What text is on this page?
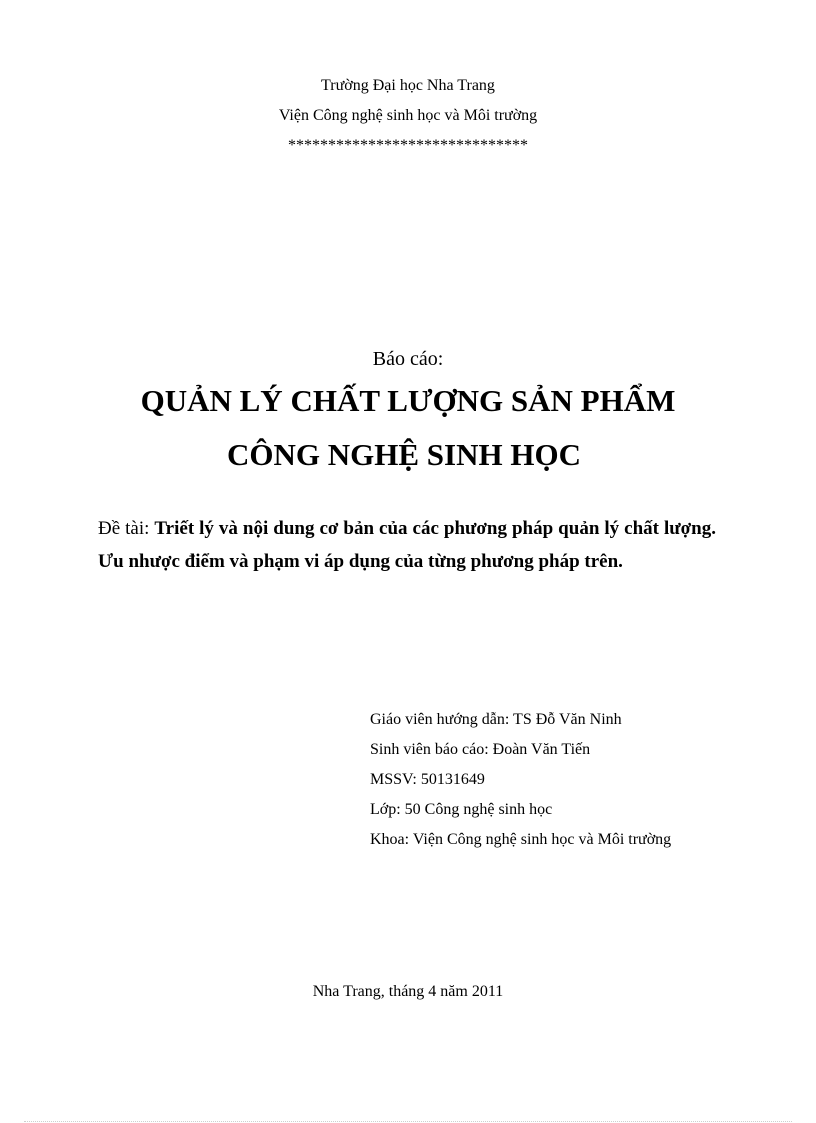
Trường Đại học Nha Trang
Viện Công nghệ sinh học và Môi trường
******************************
Báo cáo:
QUẢN LÝ CHẤT LƯỢNG SẢN PHẨM
CÔNG NGHỆ SINH HỌC
Đề tài: Triết lý và nội dung cơ bản của các phương pháp quản lý chất lượng. Ưu nhược điểm và phạm vi áp dụng của từng phương pháp trên.
Giáo viên hướng dẫn: TS Đỗ Văn Ninh
Sinh viên báo cáo: Đoàn Văn Tiến
MSSV: 50131649
Lớp: 50 Công nghệ sinh học
Khoa: Viện Công nghệ sinh học và Môi trường
Nha Trang, tháng 4 năm 2011
